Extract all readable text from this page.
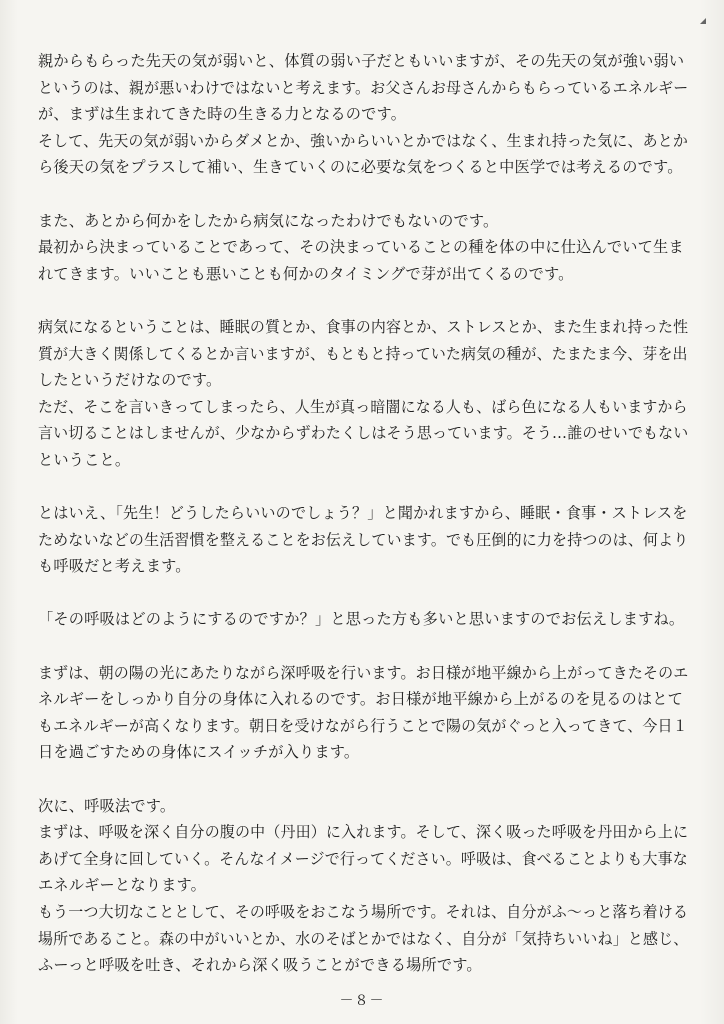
親からもらった先天の気が弱いと、体質の弱い子だともいいますが、その先天の気が強い弱い
というのは、親が悪いわけではないと考えます。お父さんお母さんからもらっているエネルギー
が、まずは生まれてきた時の生きる力となるのです。
そして、先天の気が弱いからダメとか、強いからいいとかではなく、生まれ持った気に、あとか
ら後天の気をプラスして補い、生きていくのに必要な気をつくると中医学では考えるのです。
また、あとから何かをしたから病気になったわけでもないのです。
最初から決まっていることであって、その決まっていることの種を体の中に仕込んでいて生ま
れてきます。いいことも悪いことも何かのタイミングで芽が出てくるのです。
病気になるということは、睡眠の質とか、食事の内容とか、ストレスとか、また生まれ持った性
質が大きく関係してくるとか言いますが、もともと持っていた病気の種が、たまたま今、芽を出
したというだけなのです。
ただ、そこを言いきってしまったら、人生が真っ暗闇になる人も、ばら色になる人もいますから
言い切ることはしませんが、少なからずわたくしはそう思っています。そう…誰のせいでもない
ということ。
とはいえ、「先生！どうしたらいいのでしょう？」と聞かれますから、睡眠・食事・ストレスを
ためないなどの生活習慣を整えることをお伝えしています。でも圧倒的に力を持つのは、何より
も呼吸だと考えます。
「その呼吸はどのようにするのですか？」と思った方も多いと思いますのでお伝えしますね。
まずは、朝の陽の光にあたりながら深呼吸を行います。お日様が地平線から上がってきたそのエ
ネルギーをしっかり自分の身体に入れるのです。お日様が地平線から上がるのを見るのはとて
もエネルギーが高くなります。朝日を受けながら行うことで陽の気がぐっと入ってきて、今日１
日を過ごすための身体にスイッチが入ります。
次に、呼吸法です。
まずは、呼吸を深く自分の腹の中（丹田）に入れます。そして、深く吸った呼吸を丹田から上に
あげて全身に回していく。そんなイメージで行ってください。呼吸は、食べることよりも大事な
エネルギーとなります。
もう一つ大切なこととして、その呼吸をおこなう場所です。それは、自分がふ～っと落ち着ける
場所であること。森の中がいいとか、水のそばとかではなく、自分が「気持ちいいね」と感じ、
ふーっと呼吸を吐き、それから深く吸うことができる場所です。
－８－
